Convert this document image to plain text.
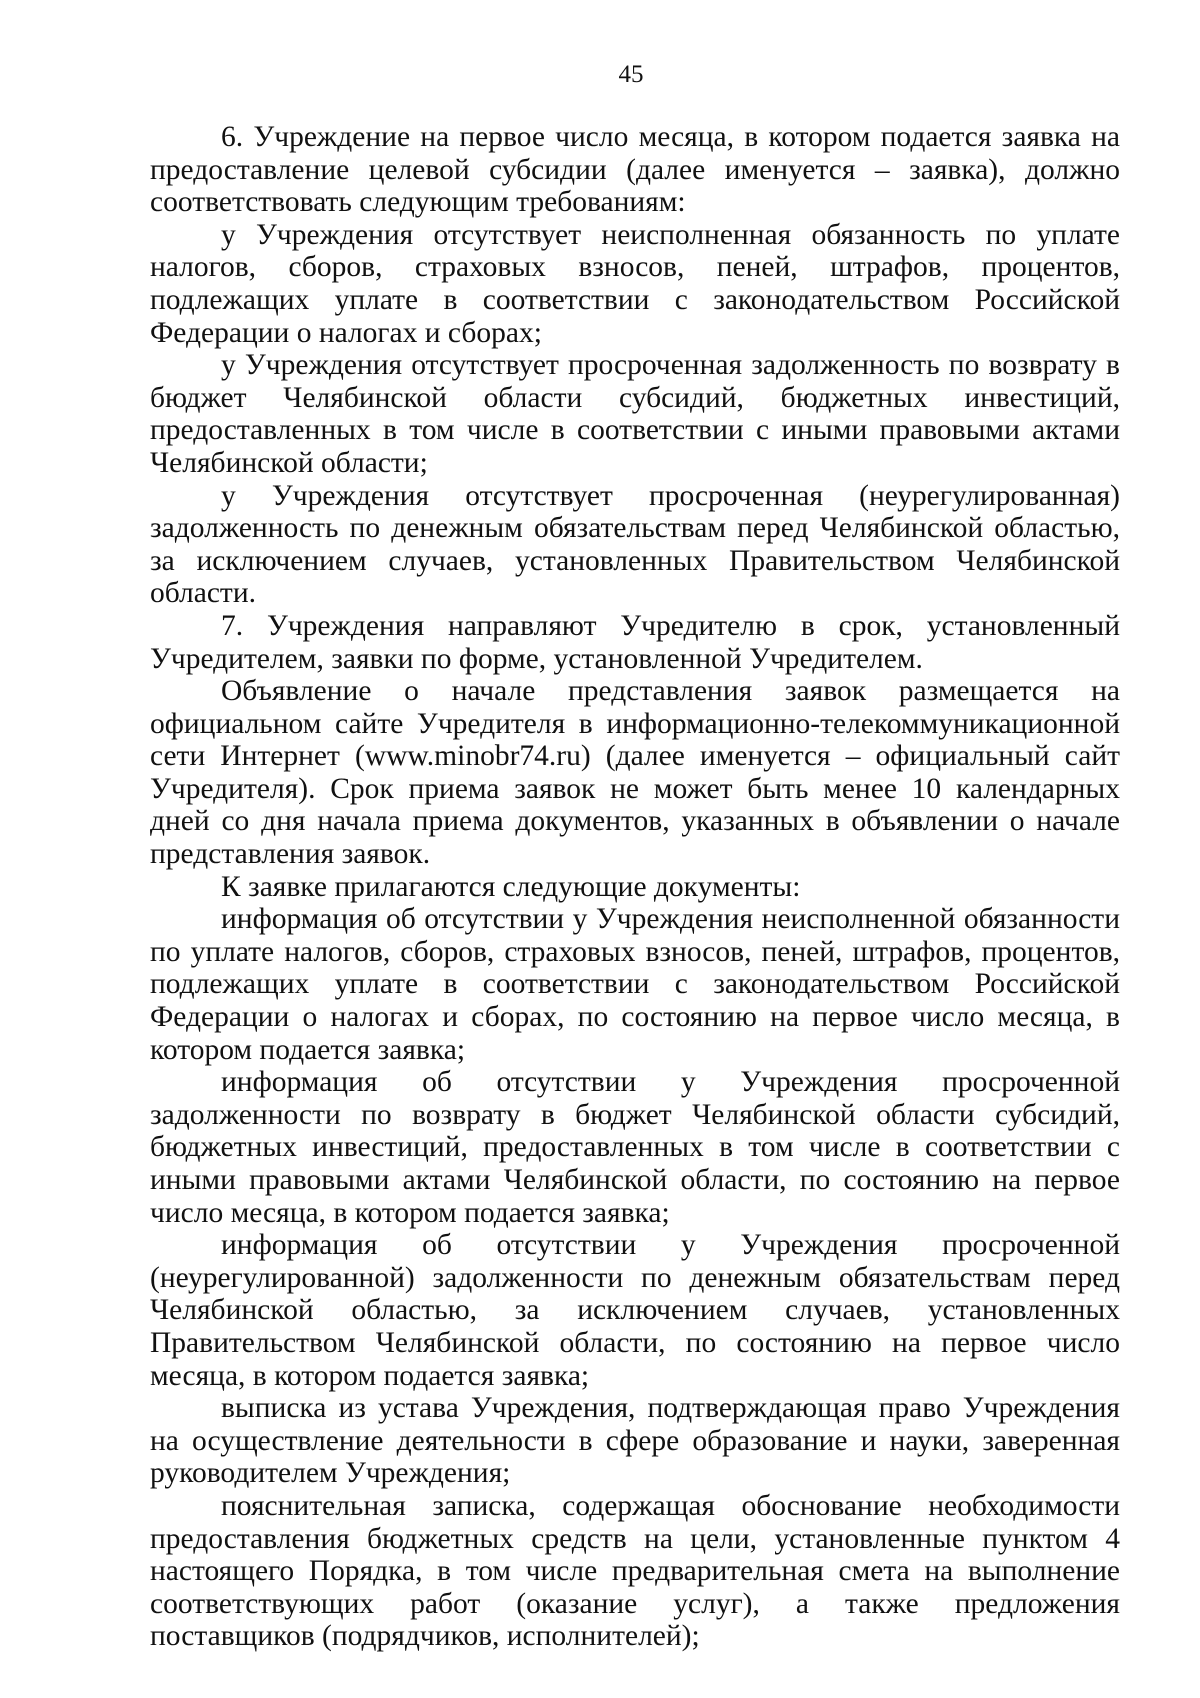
45

6. Учреждение на первое число месяца, в котором подается заявка на предоставление целевой субсидии (далее именуется – заявка), должно соответствовать следующим требованиям:

у Учреждения отсутствует неисполненная обязанность по уплате налогов, сборов, страховых взносов, пеней, штрафов, процентов, подлежащих уплате в соответствии с законодательством Российской Федерации о налогах и сборах;

у Учреждения отсутствует просроченная задолженность по возврату в бюджет Челябинской области субсидий, бюджетных инвестиций, предоставленных в том числе в соответствии с иными правовыми актами Челябинской области;

у Учреждения отсутствует просроченная (неурегулированная) задолженность по денежным обязательствам перед Челябинской областью, за исключением случаев, установленных Правительством Челябинской области.

7. Учреждения направляют Учредителю в срок, установленный Учредителем, заявки по форме, установленной Учредителем.

Объявление о начале представления заявок размещается на официальном сайте Учредителя в информационно-телекоммуникационной сети Интернет (www.minobr74.ru) (далее именуется – официальный сайт Учредителя). Срок приема заявок не может быть менее 10 календарных дней со дня начала приема документов, указанных в объявлении о начале представления заявок.

К заявке прилагаются следующие документы:

информация об отсутствии у Учреждения неисполненной обязанности по уплате налогов, сборов, страховых взносов, пеней, штрафов, процентов, подлежащих уплате в соответствии с законодательством Российской Федерации о налогах и сборах, по состоянию на первое число месяца, в котором подается заявка;

информация об отсутствии у Учреждения просроченной задолженности по возврату в бюджет Челябинской области субсидий, бюджетных инвестиций, предоставленных в том числе в соответствии с иными правовыми актами Челябинской области, по состоянию на первое число месяца, в котором подается заявка;

информация об отсутствии у Учреждения просроченной (неурегулированной) задолженности по денежным обязательствам перед Челябинской областью, за исключением случаев, установленных Правительством Челябинской области, по состоянию на первое число месяца, в котором подается заявка;

выписка из устава Учреждения, подтверждающая право Учреждения на осуществление деятельности в сфере образование и науки, заверенная руководителем Учреждения;

пояснительная записка, содержащая обоснование необходимости предоставления бюджетных средств на цели, установленные пунктом 4 настоящего Порядка, в том числе предварительная смета на выполнение соответствующих работ (оказание услуг), а также предложения поставщиков (подрядчиков, исполнителей);
